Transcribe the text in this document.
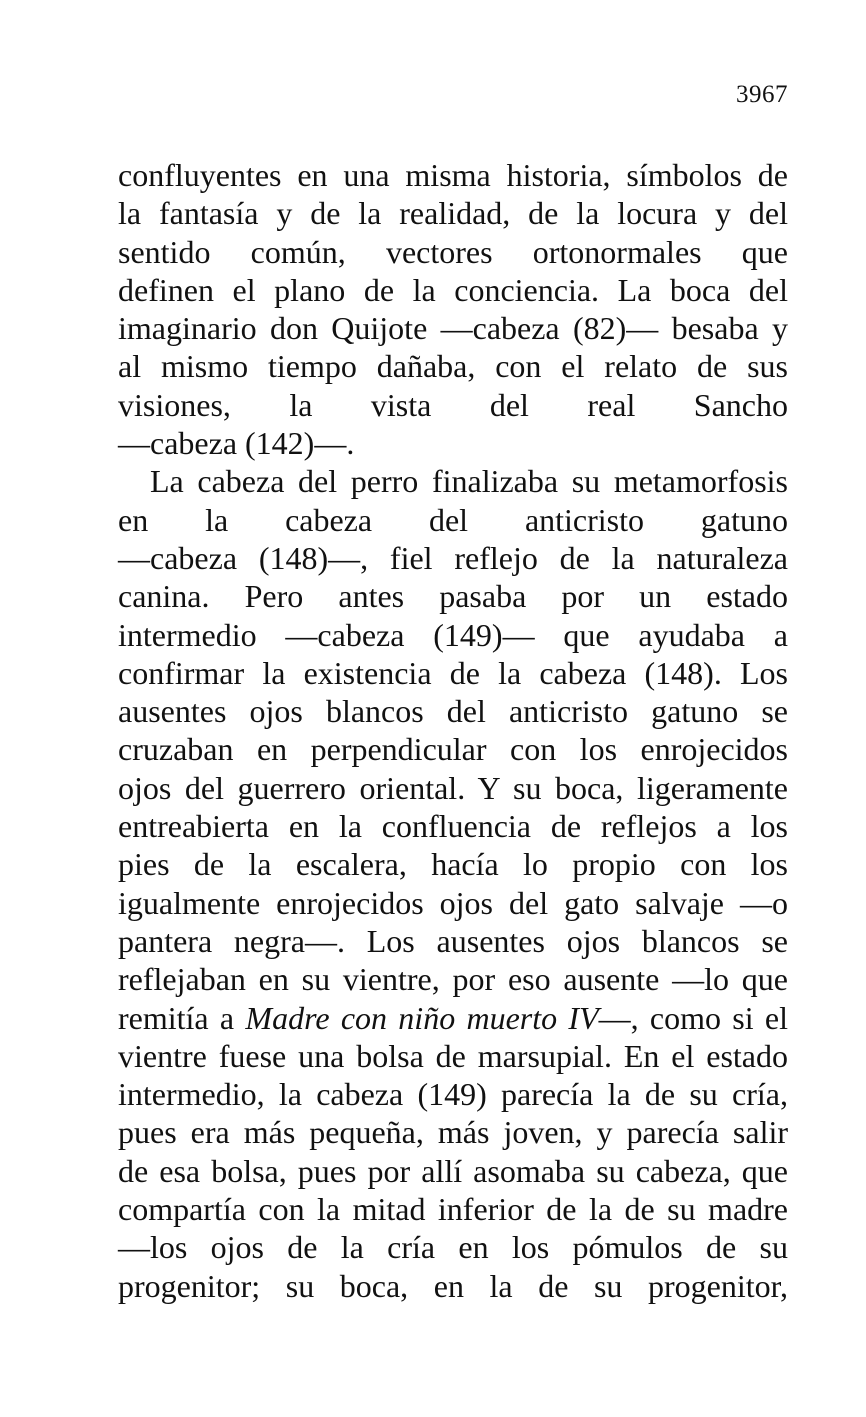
3967
confluyentes en una misma historia, símbolos de
la fantasía y de la realidad, de la locura y del
sentido común, vectores ortonormales que
definen el plano de la conciencia. La boca del
imaginario don Quijote —cabeza (82)— besaba y
al mismo tiempo dañaba, con el relato de sus
visiones, la vista del real Sancho
—cabeza (142)—.
La cabeza del perro finalizaba su metamorfosis
en la cabeza del anticristo gatuno
—cabeza (148)—, fiel reflejo de la naturaleza
canina. Pero antes pasaba por un estado
intermedio —cabeza (149)— que ayudaba a
confirmar la existencia de la cabeza (148). Los
ausentes ojos blancos del anticristo gatuno se
cruzaban en perpendicular con los enrojecidos
ojos del guerrero oriental. Y su boca, ligeramente
entreabierta en la confluencia de reflejos a los
pies de la escalera, hacía lo propio con los
igualmente enrojecidos ojos del gato salvaje —o
pantera negra—. Los ausentes ojos blancos se
reflejaban en su vientre, por eso ausente —lo que
remitía a Madre con niño muerto IV—, como si el
vientre fuese una bolsa de marsupial. En el estado
intermedio, la cabeza (149) parecía la de su cría,
pues era más pequeña, más joven, y parecía salir
de esa bolsa, pues por allí asomaba su cabeza, que
compartía con la mitad inferior de la de su madre
—los ojos de la cría en los pómulos de su
progenitor; su boca, en la de su progenitor,
